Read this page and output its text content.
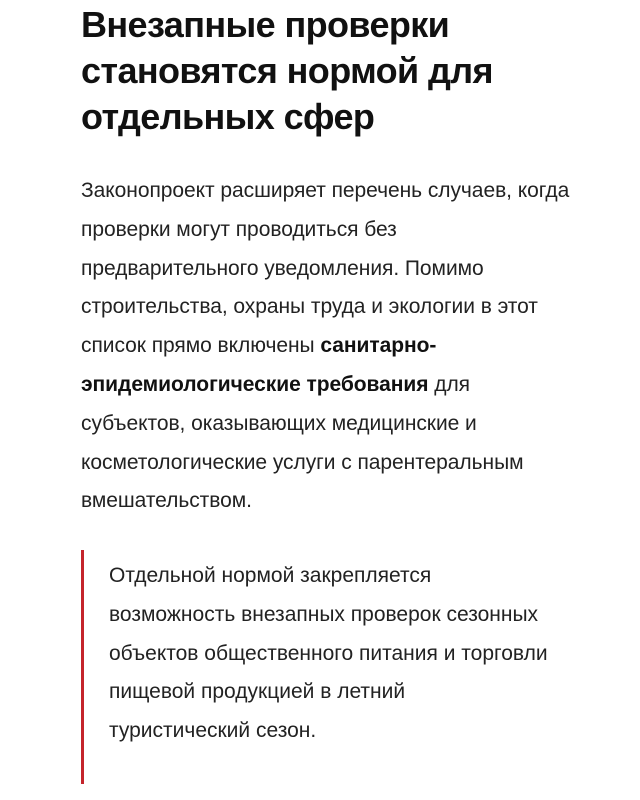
Внезапные проверки становятся нормой для отдельных сфер

Законопроект расширяет перечень случаев, когда проверки могут проводиться без предварительного уведомления. Помимо строительства, охраны труда и экологии в этот список прямо включены санитарно-эпидемиологические требования для субъектов, оказывающих медицинские и косметологические услуги с парентеральным вмешательством.

Отдельной нормой закрепляется возможность внезапных проверок сезонных объектов общественного питания и торговли пищевой продукцией в летний туристический сезон.
